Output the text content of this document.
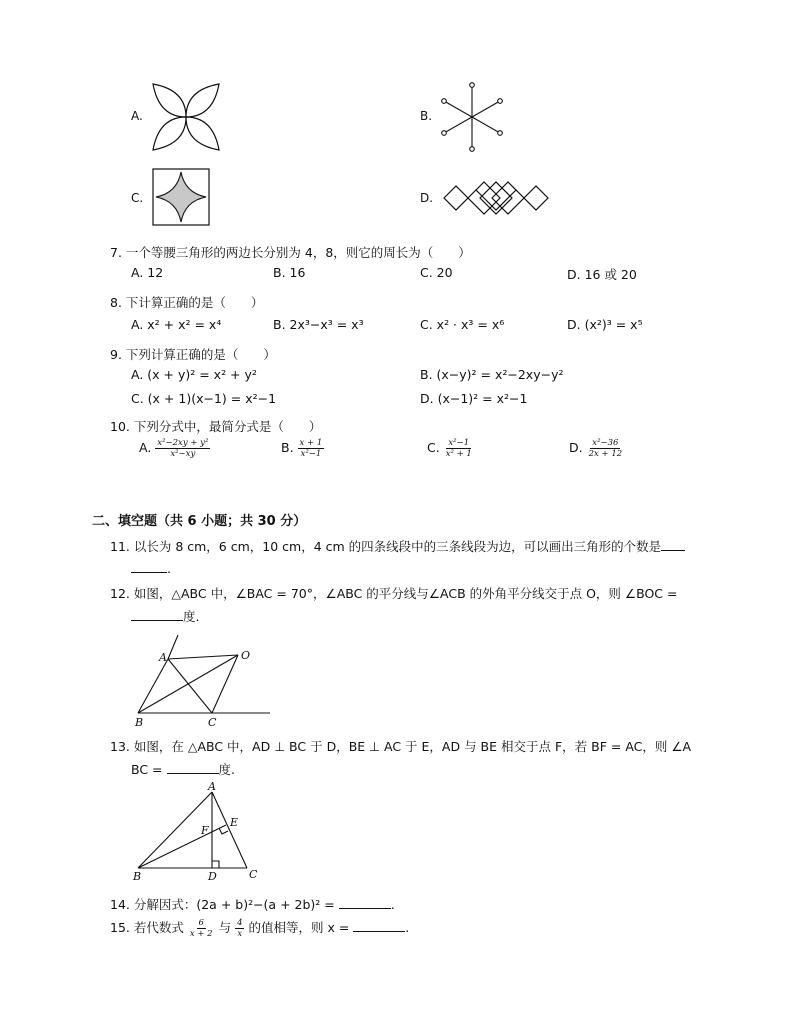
A.	B.
C.	D.
7. 一个等腰三角形的两边长分别为 4，8，则它的周长为（　　）
A. 12	B. 16	C. 20	D. 16 或 20
8. 下计算正确的是（　　）
A. x² + x² = x⁴	B. 2x³−x³ = x³	C. x² · x³ = x⁶	D. (x²)³ = x⁵
9. 下列计算正确的是（　　）
A. (x + y)² = x² + y²	B. (x−y)² = x²−2xy−y²
C. (x + 1)(x−1) = x²−1	D. (x−1)² = x²−1
10. 下列分式中，最简分式是（　　）
A. $\frac{\text{x²−2xy + y²}}{\text{x²−xy}}$	B. $\frac{x + 1}{\text{x²−1}}$	C. $\frac{\text{x²−1}}{\text{x² + 1}}$	D. $\frac{\text{x²−36}}{2x + 12}$
二、填空题（共 6 小题；共 30 分）
11. 以长为 8 cm，6 cm，10 cm，4 cm 的四条线段中的三条线段为边，可以画出三角形的个数是
.
12. 如图，△ABC 中，∠BAC = 70°，∠ABC 的平分线与∠ACB 的外角平分线交于点 O，则 ∠BOC =
度.
A	O
B	C
13. 如图，在 △ABC 中，AD ⊥ BC 于 D，BE ⊥ AC 于 E，AD 与 BE 相交于点 F，若 BF = AC，则 ∠A
BC =	度.
A
E
F
B	D	C
14. 分解因式：(2a + b)²−(a + 2b)² =	.
15. 若代数式 $\frac{6}{x + 2}$ 与 $\frac{4}{x}$ 的值相等，则 x =	.
